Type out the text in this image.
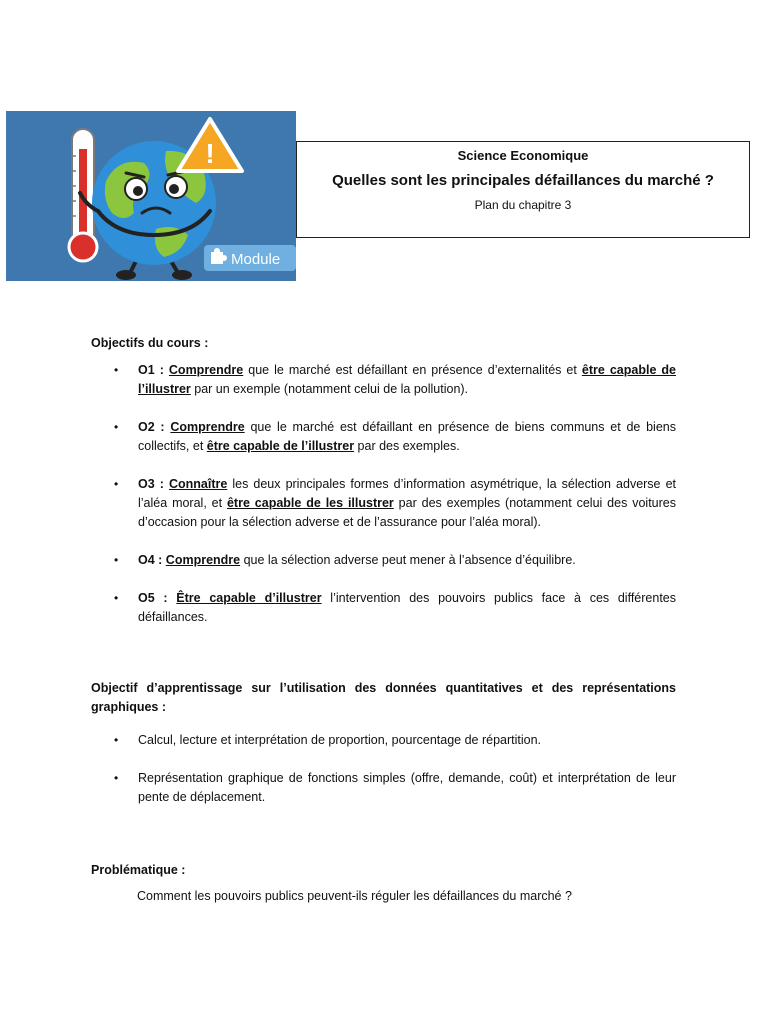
!
Module
Science Economique
Quelles sont les principales défaillances du marché ?
Plan du chapitre 3
Objectifs du cours :
• O1 : Comprendre que le marché est défaillant en présence d’externalités et être capable de l’illustrer par un exemple (notamment celui de la pollution).
• O2 : Comprendre que le marché est défaillant en présence de biens communs et de biens collectifs, et être capable de l’illustrer par des exemples.
• O3 : Connaître les deux principales formes d’information asymétrique, la sélection adverse et l’aléa moral, et être capable de les illustrer par des exemples (notamment celui des voitures d’occasion pour la sélection adverse et de l’assurance pour l’aléa moral).
• O4 : Comprendre que la sélection adverse peut mener à l’absence d’équilibre.
• O5 : Être capable d’illustrer l’intervention des pouvoirs publics face à ces différentes défaillances.
Objectif d’apprentissage sur l’utilisation des données quantitatives et des représentations graphiques :
• Calcul, lecture et interprétation de proportion, pourcentage de répartition.
• Représentation graphique de fonctions simples (offre, demande, coût) et interprétation de leur pente de déplacement.
Problématique :
Comment les pouvoirs publics peuvent-ils réguler les défaillances du marché ?
